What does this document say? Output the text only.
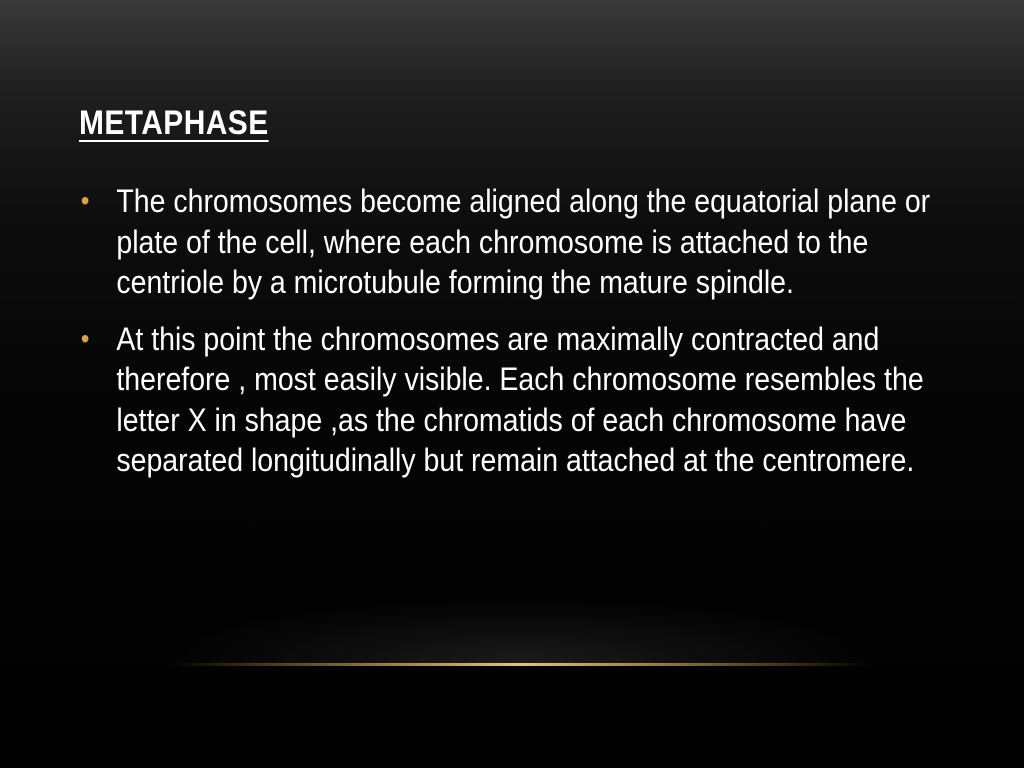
METAPHASE
• The chromosomes become aligned along the equatorial plane or plate of the cell, where each chromosome is attached to the centriole by a microtubule forming the mature spindle.
• At this point the chromosomes are maximally contracted and therefore , most easily visible. Each chromosome resembles the letter X in shape ,as the chromatids of each chromosome have separated longitudinally but remain attached at the centromere.
